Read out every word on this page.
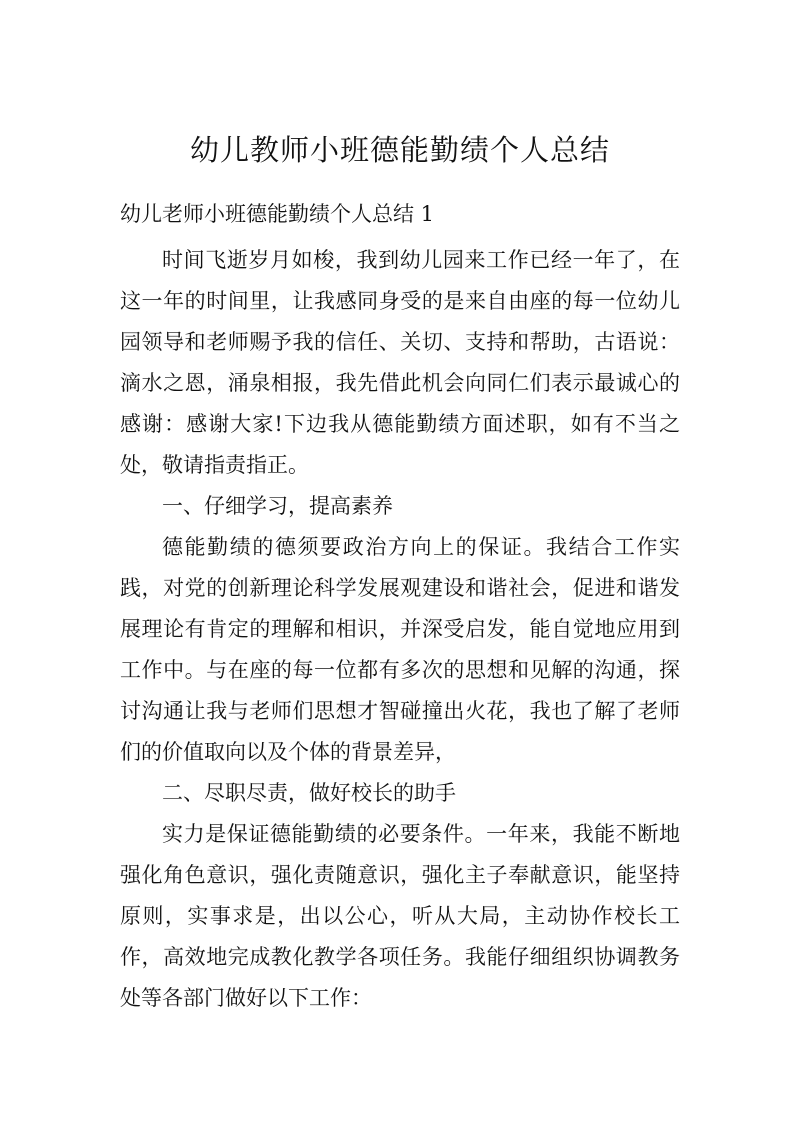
幼儿教师小班德能勤绩个人总结
幼儿老师小班德能勤绩个人总结 1

时间飞逝岁月如梭，我到幼儿园来工作已经一年了，在这一年的时间里，让我感同身受的是来自由座的每一位幼儿园领导和老师赐予我的信任、关切、支持和帮助，古语说：滴水之恩，涌泉相报，我先借此机会向同仁们表示最诚心的感谢：感谢大家!下边我从德能勤绩方面述职，如有不当之处，敬请指责指正。

一、仔细学习，提高素养

德能勤绩的德须要政治方向上的保证。我结合工作实践，对党的创新理论科学发展观建设和谐社会，促进和谐发展理论有肯定的理解和相识，并深受启发，能自觉地应用到工作中。与在座的每一位都有多次的思想和见解的沟通，探讨沟通让我与老师们思想才智碰撞出火花，我也了解了老师们的价值取向以及个体的背景差异，

二、尽职尽责，做好校长的助手

实力是保证德能勤绩的必要条件。一年来，我能不断地强化角色意识，强化责随意识，强化主子奉献意识，能坚持原则，实事求是，出以公心，听从大局，主动协作校长工作，高效地完成教化教学各项任务。我能仔细组织协调教务处等各部门做好以下工作：
